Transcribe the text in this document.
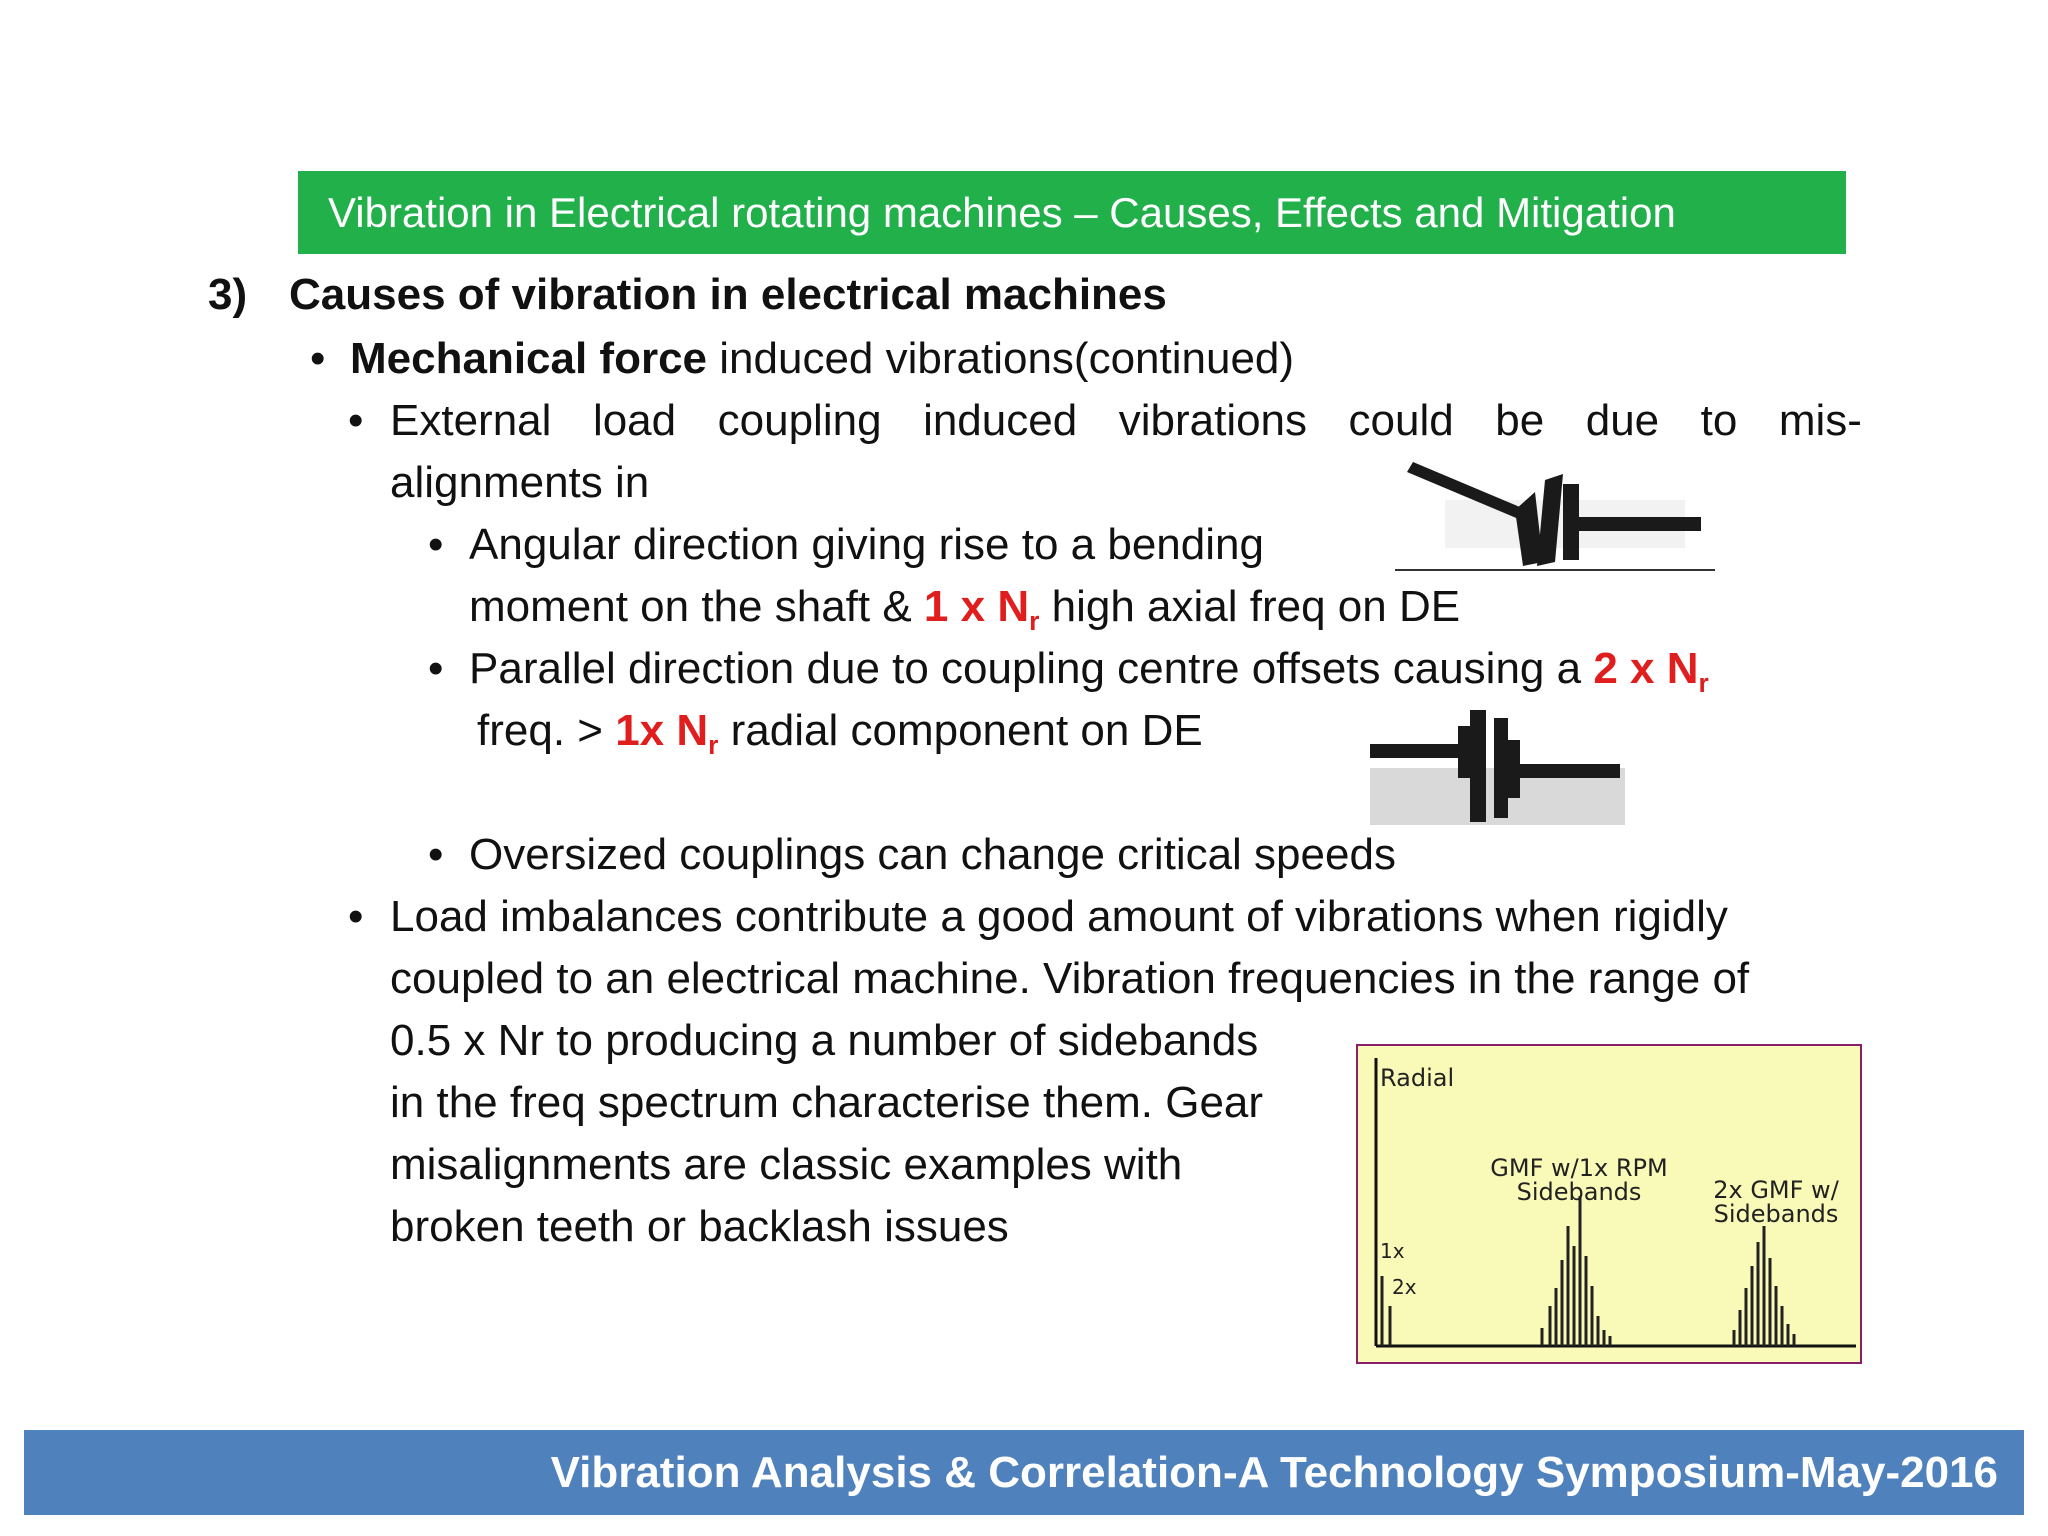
Vibration in Electrical rotating machines – Causes, Effects and Mitigation
3) Causes of vibration in electrical machines
• Mechanical force induced vibrations(continued)
• External load coupling induced vibrations could be due to mis-
alignments in
• Angular direction giving rise to a bending
moment on the shaft & 1 x $N_r$ high axial freq on DE
• Parallel direction due to coupling centre offsets causing a 2 x $N_r$
freq. > 1x $N_r$ radial component on DE
• Oversized couplings can change critical speeds
• Load imbalances contribute a good amount of vibrations when rigidly
coupled to an electrical machine. Vibration frequencies in the range of
0.5 x Nr to producing a number of sidebands
in the freq spectrum characterise them. Gear
misalignments are classic examples with
broken teeth or backlash issues
Radial
1x
2x
GMF w/1x RPM
Sidebands	2x GMF w/
Sidebands
Vibration Analysis & Correlation-A Technology Symposium-May-2016
